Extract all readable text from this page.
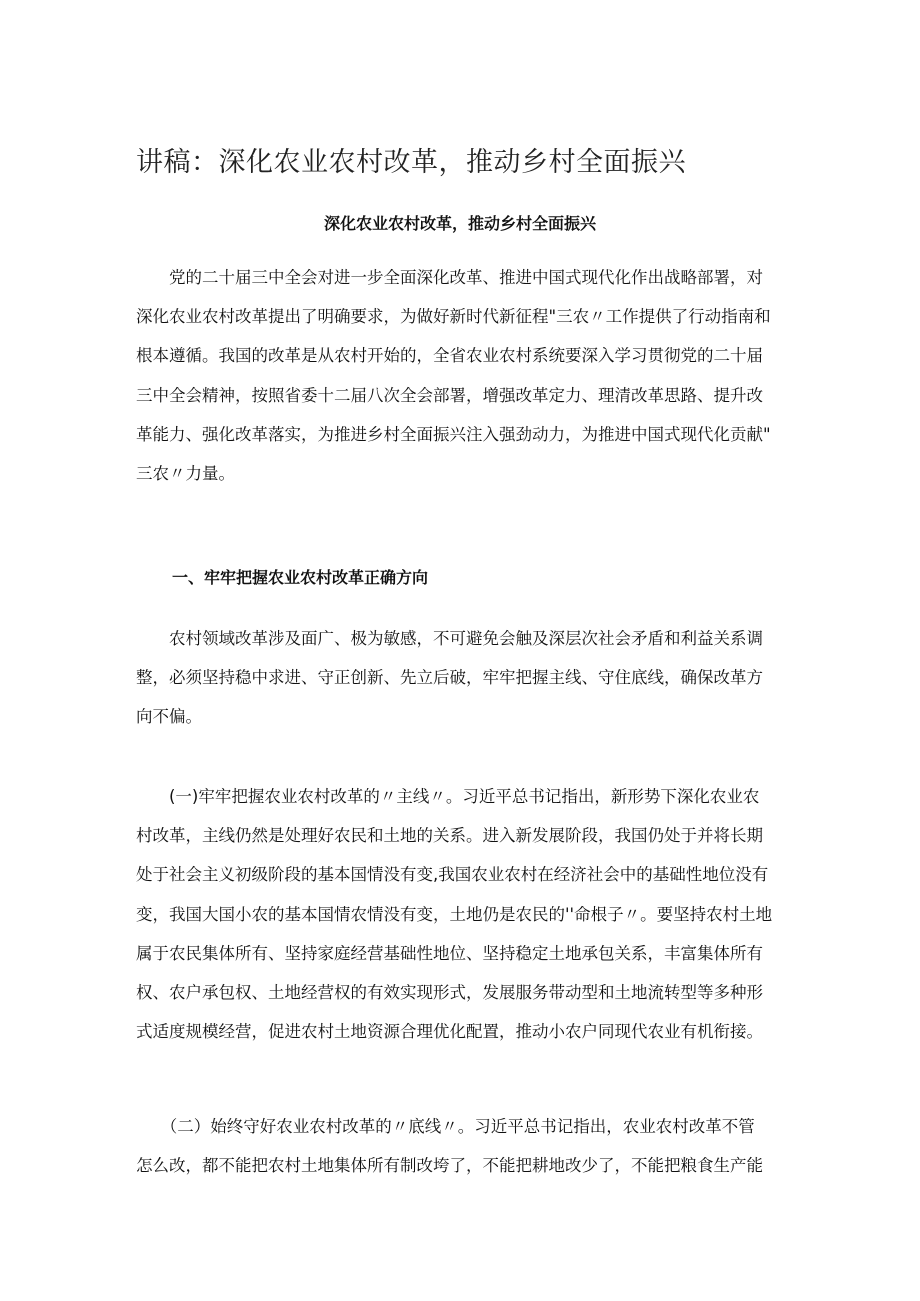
讲稿：深化农业农村改革，推动乡村全面振兴
深化农业农村改革，推动乡村全面振兴
　　党的二十届三中全会对进一步全面深化改革、推进中国式现代化作出战略部署，对
深化农业农村改革提出了明确要求，为做好新时代新征程"三农〃工作提供了行动指南和
根本遵循。我国的改革是从农村开始的，全省农业农村系统要深入学习贯彻党的二十届
三中全会精神，按照省委十二届八次全会部署，增强改革定力、理清改革思路、提升改
革能力、强化改革落实，为推进乡村全面振兴注入强劲动力，为推进中国式现代化贡献"
三农〃力量。
一、牢牢把握农业农村改革正确方向
　　农村领域改革涉及面广、极为敏感，不可避免会触及深层次社会矛盾和利益关系调
整，必须坚持稳中求进、守正创新、先立后破，牢牢把握主线、守住底线，确保改革方
向不偏。
　　(一)牢牢把握农业农村改革的〃主线〃。习近平总书记指出，新形势下深化农业农
村改革，主线仍然是处理好农民和土地的关系。进入新发展阶段，我国仍处于并将长期
处于社会主义初级阶段的基本国情没有变,我国农业农村在经济社会中的基础性地位没有
变，我国大国小农的基本国情农情没有变，土地仍是农民的''命根子〃。要坚持农村土地
属于农民集体所有、坚持家庭经营基础性地位、坚持稳定土地承包关系，丰富集体所有
权、农户承包权、土地经营权的有效实现形式，发展服务带动型和土地流转型等多种形
式适度规模经营，促进农村土地资源合理优化配置，推动小农户同现代农业有机衔接。
　　（二）始终守好农业农村改革的〃底线〃。习近平总书记指出，农业农村改革不管
怎么改，都不能把农村土地集体所有制改垮了，不能把耕地改少了，不能把粮食生产能
